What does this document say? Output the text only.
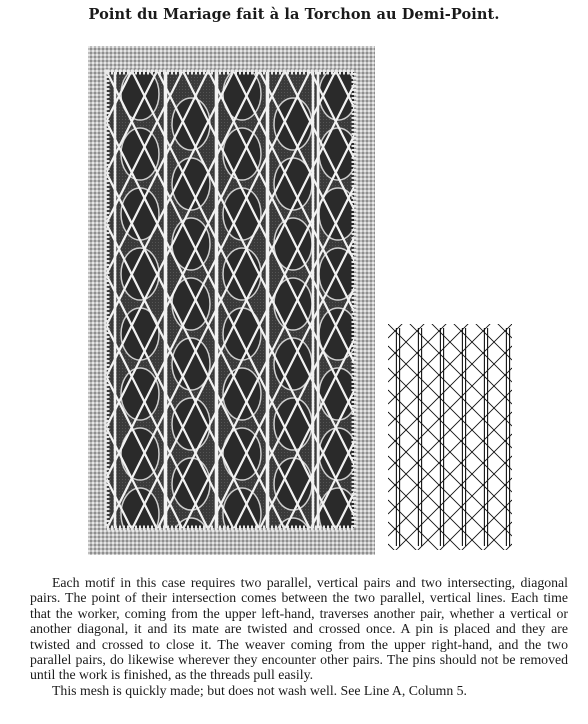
Point du Mariage fait à la Torchon au Demi-Point.

Each motif in this case requires two parallel, vertical pairs and two intersecting, diagonal pairs. The point of their intersection comes between the two parallel, vertical lines. Each time that the worker, coming from the upper left-hand, traverses another pair, whether a vertical or another diagonal, it and its mate are twisted and crossed once. A pin is placed and they are twisted and crossed to close it. The weaver coming from the upper right-hand, and the two parallel pairs, do likewise wherever they encounter other pairs. The pins should not be removed until the work is finished, as the threads pull easily.

This mesh is quickly made; but does not wash well. See Line A, Column 5.
